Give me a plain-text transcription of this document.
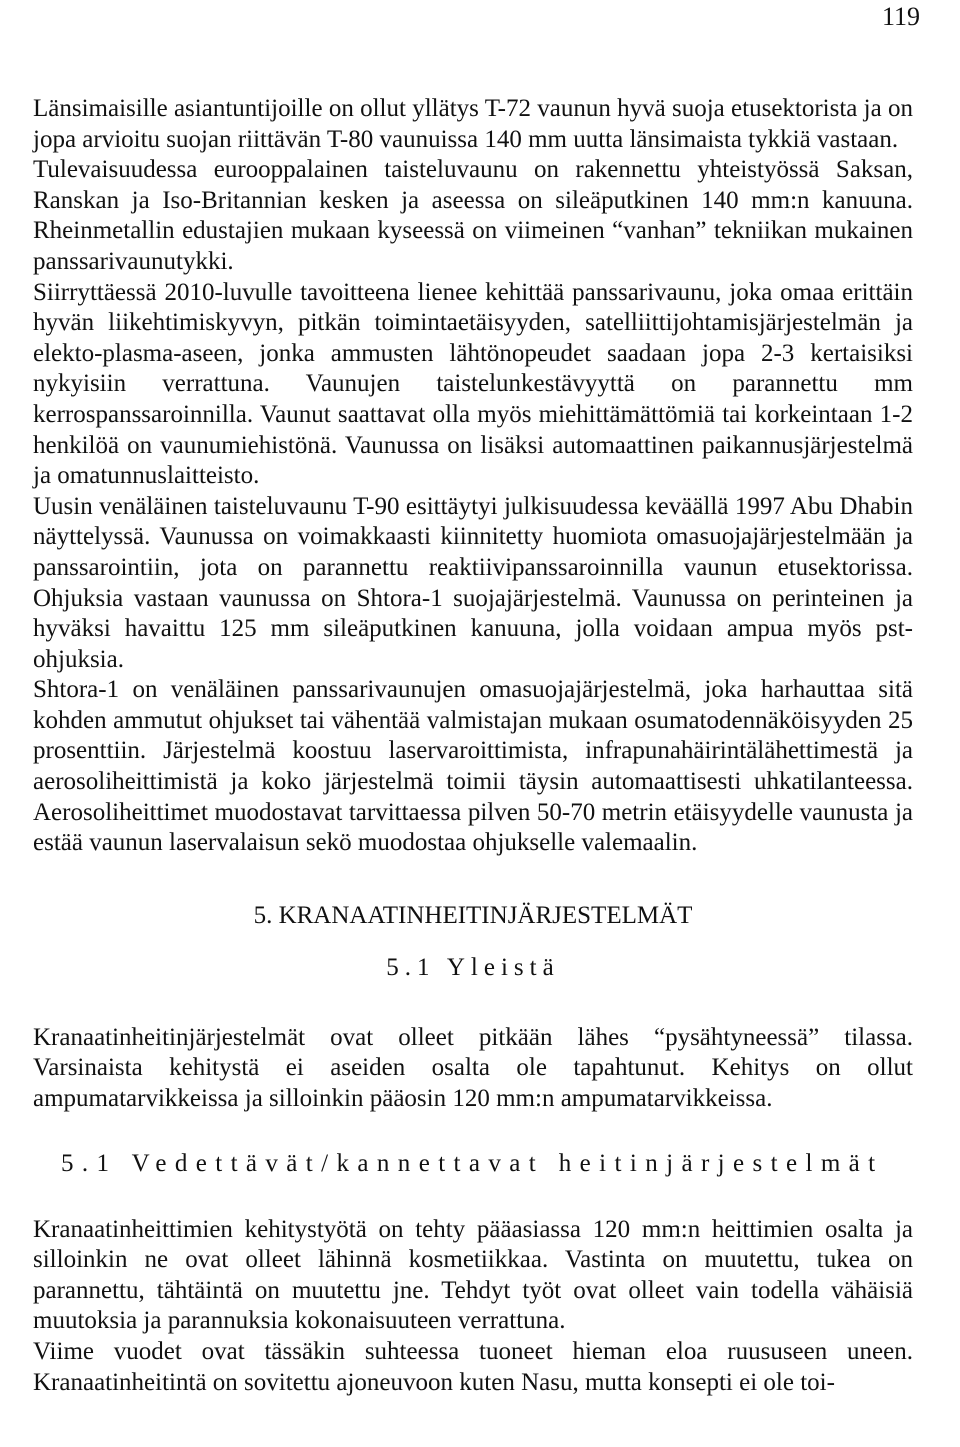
119

Länsimaisille asiantuntijoille on ollut yllätys T-72 vaunun hyvä suoja etusektorista ja on jopa arvioitu suojan riittävän T-80 vaunuissa 140 mm uutta länsimaista tykkiä vastaan.

Tulevaisuudessa eurooppalainen taisteluvaunu on rakennettu yhteistyössä Saksan, Ranskan ja Iso-Britannian kesken ja aseessa on sileäputkinen 140 mm:n kanuuna. Rheinmetallin edustajien mukaan kyseessä on viimeinen “vanhan” tekniikan mukainen panssarivaunutykki.

Siirryttäessä 2010-luvulle tavoitteena lienee kehittää panssarivaunu, joka omaa erittäin hyvän liikehtimiskyvyn, pitkän toimintaetäisyyden, satelliittijohtamisjärjestelmän ja elekto-plasma-aseen, jonka ammusten lähtönopeudet saadaan jopa 2-3 kertaisiksi nykyisiin verrattuna. Vaunujen taistelunkestävyyttä on parannettu mm kerrospanssaroinnilla. Vaunut saattavat olla myös miehittämättömiä tai korkeintaan 1-2 henkilöä on vaunumiehistönä. Vaunussa on lisäksi automaattinen paikannusjärjestelmä ja omatunnuslaitteisto.

Uusin venäläinen taisteluvaunu T-90 esittäytyi julkisuudessa keväällä 1997 Abu Dhabin näyttelyssä. Vaunussa on voimakkaasti kiinnitetty huomiota omasuojajärjestelmään ja panssarointiin, jota on parannettu reaktiivipanssaroinnilla vaunun etusektorissa. Ohjuksia vastaan vaunussa on Shtora-1 suojajärjestelmä. Vaunussa on perinteinen ja hyväksi havaittu 125 mm sileäputkinen kanuuna, jolla voidaan ampua myös pst-ohjuksia.

Shtora-1 on venäläinen panssarivaunujen omasuojajärjestelmä, joka harhauttaa sitä kohden ammutut ohjukset tai vähentää valmistajan mukaan osumatodennäköisyyden 25 prosenttiin. Järjestelmä koostuu laservaroittimista, infrapunahäirintälähettimestä ja aerosoliheittimistä ja koko järjestelmä toimii täysin automaattisesti uhkatilanteessa. Aerosoliheittimet muodostavat tarvittaessa pilven 50-70 metrin etäisyydelle vaunusta ja estää vaunun laservalaisun sekö muodostaa ohjukselle valemaalin.

5. KRANAATINHEITINJÄRJESTELMÄT
5.1 Yleistä

Kranaatinheitinjärjestelmät ovat olleet pitkään lähes “pysähtyneessä” tilassa. Varsinaista kehitystä ei aseiden osalta ole tapahtunut. Kehitys on ollut ampumatarvikkeissa ja silloinkin pääosin 120 mm:n ampumatarvikkeissa.

5.1 Vedettävät/kannettavat heitinjärjestelmät

Kranaatinheittimien kehitystyötä on tehty pääasiassa 120 mm:n heittimien osalta ja silloinkin ne ovat olleet lähinnä kosmetiikkaa. Vastinta on muutettu, tukea on parannettu, tähtäintä on muutettu jne. Tehdyt työt ovat olleet vain todella vähäisiä muutoksia ja parannuksia kokonaisuuteen verrattuna.

Viime vuodet ovat tässäkin suhteessa tuoneet hieman eloa ruususeen uneen. Kranaatinheitintä on sovitettu ajoneuvoon kuten Nasu, mutta konsepti ei ole toi-
